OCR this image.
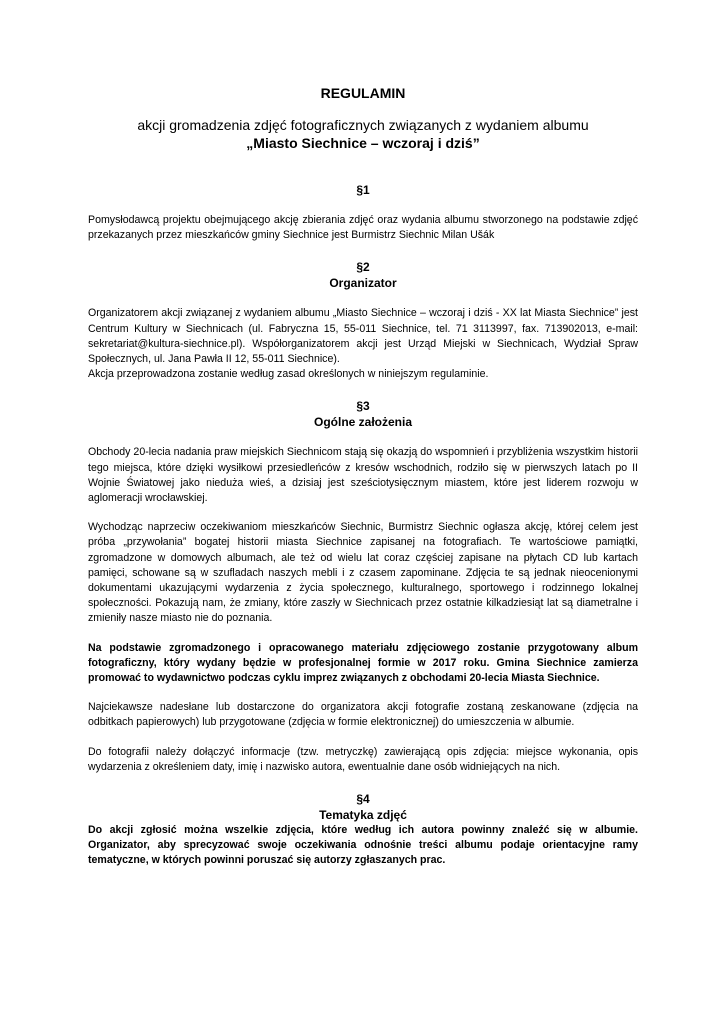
REGULAMIN

akcji gromadzenia zdjęć fotograficznych związanych z wydaniem albumu

„Miasto Siechnice – wczoraj i dziś”

§1

Pomysłodawcą projektu obejmującego akcję zbierania zdjęć oraz wydania albumu stworzonego na podstawie zdjęć przekazanych przez mieszkańców gminy Siechnice jest Burmistrz Siechnic Milan Ušák

§2

Organizator

Organizatorem akcji związanej z wydaniem albumu „Miasto Siechnice – wczoraj i dziś - XX lat Miasta Siechnice” jest Centrum Kultury w Siechnicach (ul. Fabryczna 15, 55-011 Siechnice, tel. 71 3113997, fax. 713902013, e-mail: sekretariat@kultura-siechnice.pl). Współorganizatorem akcji jest Urząd Miejski w Siechnicach, Wydział Spraw Społecznych, ul. Jana Pawła II 12, 55-011 Siechnice).

Akcja przeprowadzona zostanie według zasad określonych w niniejszym regulaminie.

§3

Ogólne założenia

Obchody 20-lecia nadania praw miejskich Siechnicom stają się okazją do wspomnień i przybliżenia wszystkim historii tego miejsca, które dzięki wysiłkowi przesiedleńców z kresów wschodnich, rodziło się w pierwszych latach po II Wojnie Światowej jako nieduża wieś, a dzisiaj jest sześciotysięcznym miastem, które jest liderem rozwoju w aglomeracji wrocławskiej.

Wychodząc naprzeciw oczekiwaniom mieszkańców Siechnic, Burmistrz Siechnic ogłasza akcję, której celem jest próba „przywołania” bogatej historii miasta Siechnice zapisanej na fotografiach. Te wartościowe pamiątki, zgromadzone w domowych albumach, ale też od wielu lat coraz częściej zapisane na płytach CD lub kartach pamięci, schowane są w szufladach naszych mebli i z czasem zapominane. Zdjęcia te są jednak nieocenionymi dokumentami ukazującymi wydarzenia z życia społecznego, kulturalnego, sportowego i rodzinnego lokalnej społeczności. Pokazują nam, że zmiany, które zaszły w Siechnicach przez ostatnie kilkadziesiąt lat są diametralne i zmieniły nasze miasto nie do poznania.

Na podstawie zgromadzonego i opracowanego materiału zdjęciowego zostanie przygotowany album fotograficzny, który wydany będzie w profesjonalnej formie w 2017 roku. Gmina Siechnice zamierza promować to wydawnictwo podczas cyklu imprez związanych z obchodami 20-lecia Miasta Siechnice.

Najciekawsze nadesłane lub dostarczone do organizatora akcji fotografie zostaną zeskanowane (zdjęcia na odbitkach papierowych) lub przygotowane (zdjęcia w formie elektronicznej) do umieszczenia w albumie.

Do fotografii należy dołączyć informacje (tzw. metryczkę) zawierającą opis zdjęcia: miejsce wykonania, opis wydarzenia z określeniem daty, imię i nazwisko autora, ewentualnie dane osób widniejących na nich.

§4

Tematyka zdjęć

Do akcji zgłosić można wszelkie zdjęcia, które według ich autora powinny znaleźć się w albumie. Organizator, aby sprecyzować swoje oczekiwania odnośnie treści albumu podaje orientacyjne ramy tematyczne, w których powinni poruszać się autorzy zgłaszanych prac.
